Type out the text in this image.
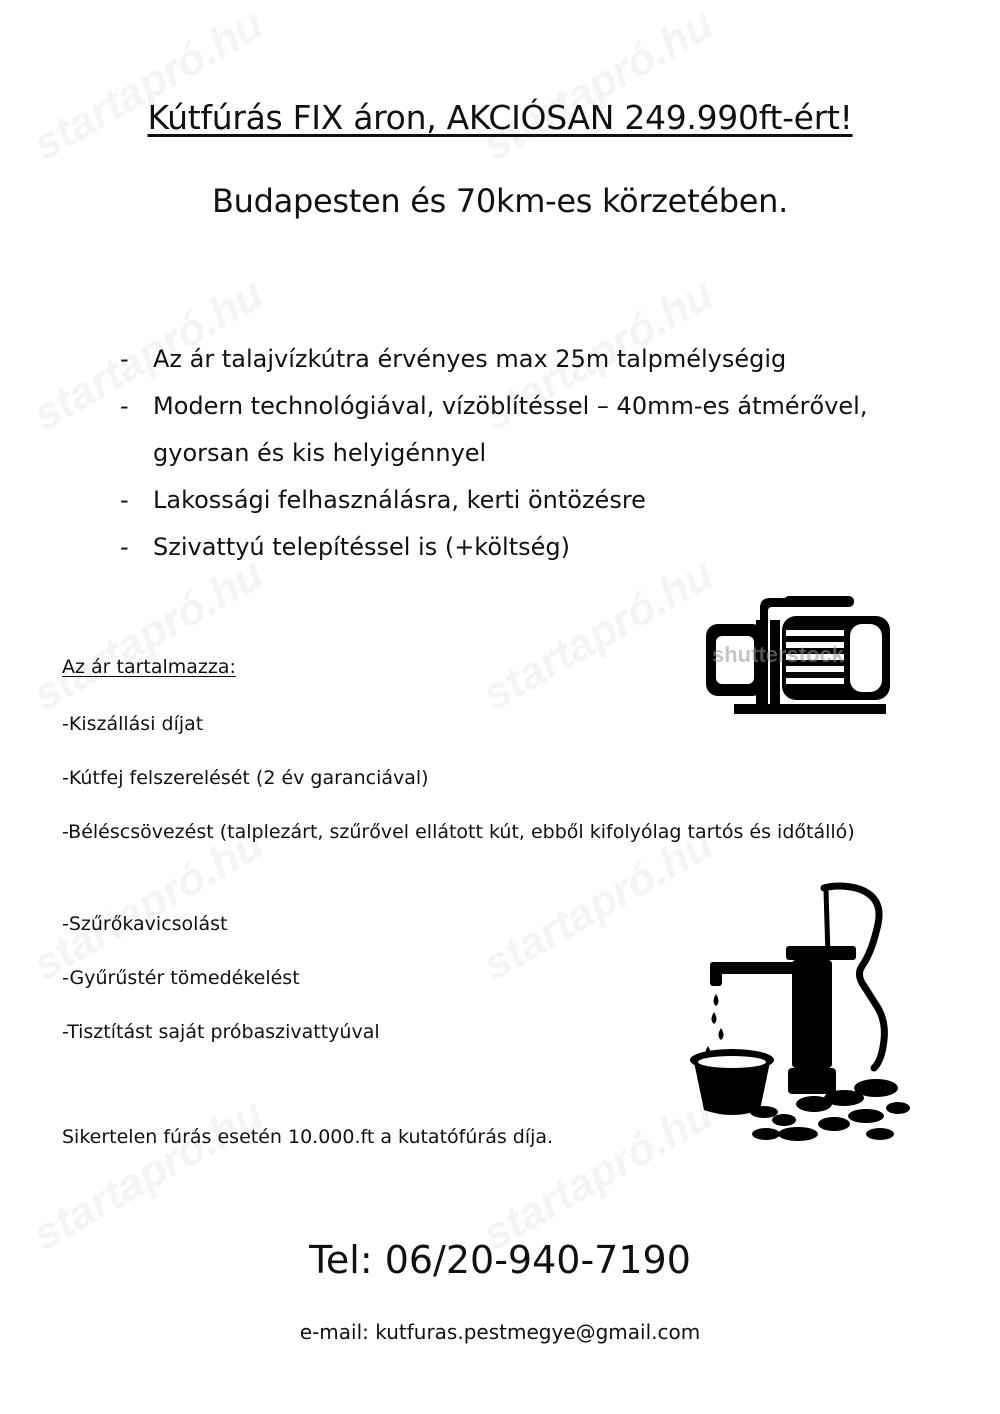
Kútfúrás FIX áron, AKCIÓSAN 249.990ft-ért!
Budapesten és 70km-es körzetében.
- Az ár talajvízkútra érvényes max 25m talpmélységig
- Modern technológiával, vízöblítéssel – 40mm-es átmérővel, gyorsan és kis helyigénnyel
- Lakossági felhasználásra, kerti öntözésre
- Szivattyú telepítéssel is (+költség)
shutterstock
Az ár tartalmazza:
-Kiszállási díjat
-Kútfej felszerelését (2 év garanciával)
-Béléscsövezést (talplezárt, szűrővel ellátott kút, ebből kifolyólag tartós és időtálló)
-Szűrőkavicsolást
-Gyűrűstér tömedékelést
-Tisztítást saját próbaszivattyúval
Sikertelen fúrás esetén 10.000.ft a kutatófúrás díja.
Tel: 06/20-940-7190
e-mail: kutfuras.pestmegye@gmail.com
